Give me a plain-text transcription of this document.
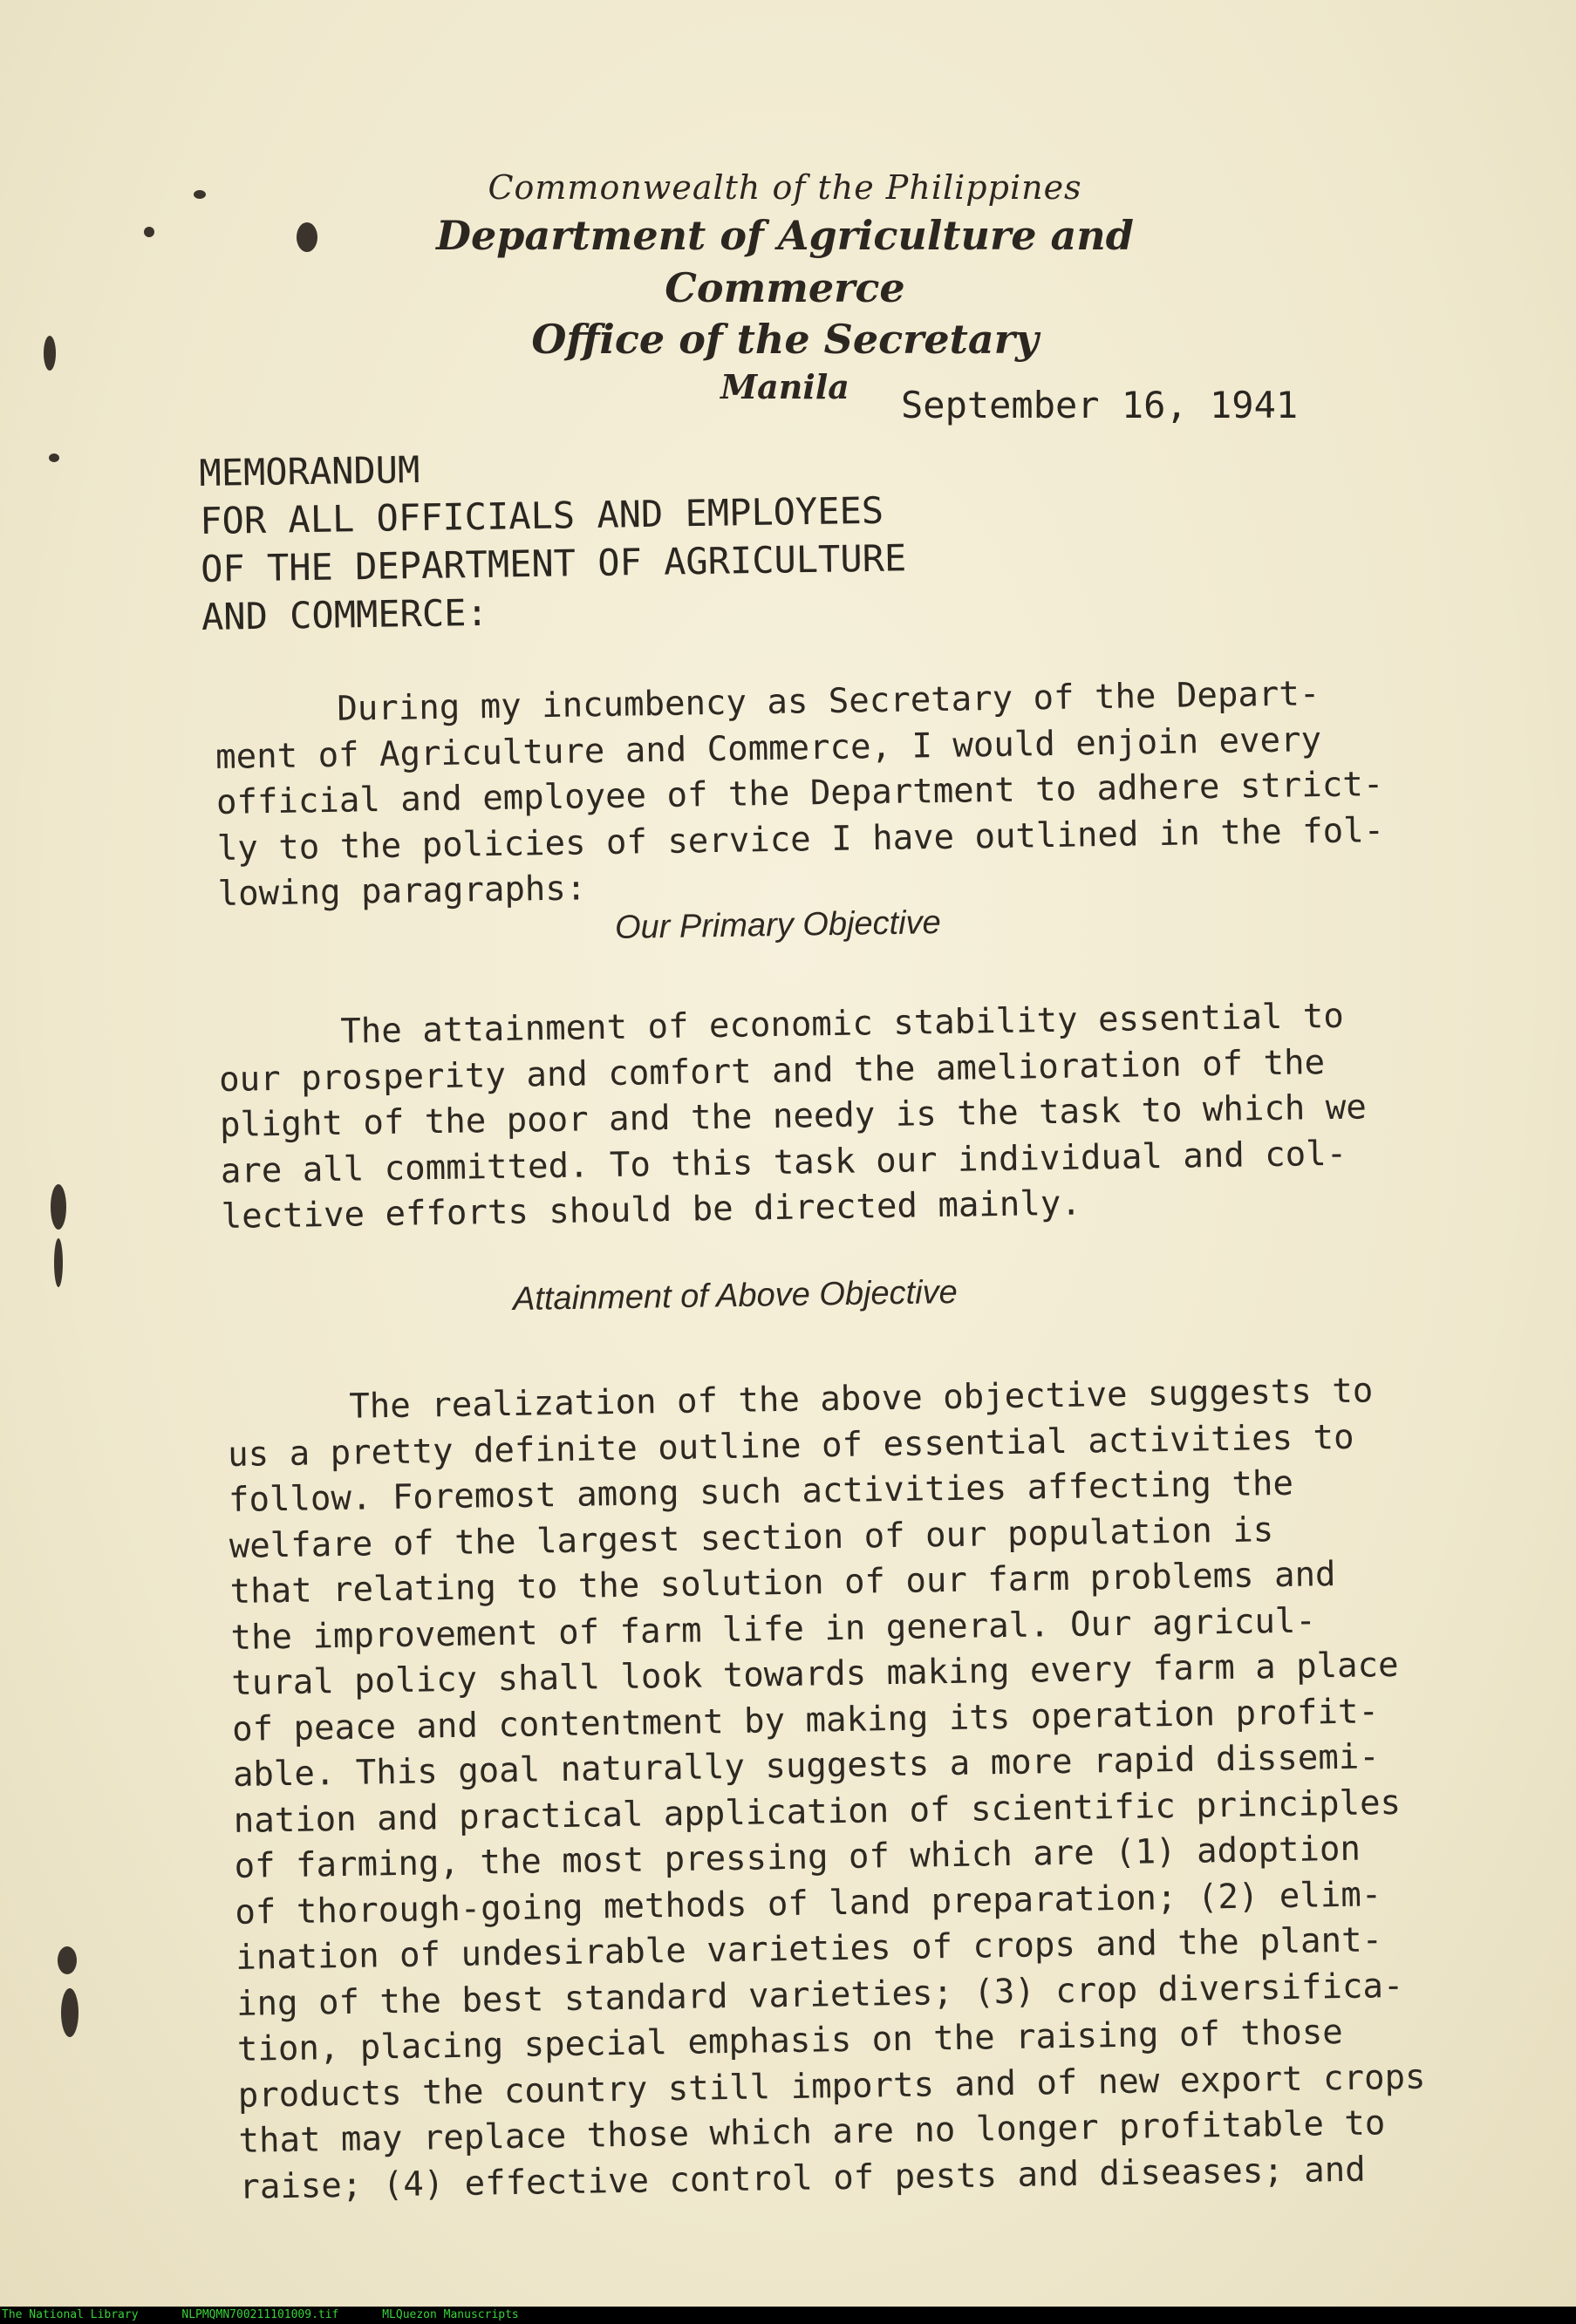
Commonwealth of the Philippines
Department of Agriculture and Commerce
Office of the Secretary
Manila	September 16, 1941
MEMORANDUM
FOR ALL OFFICIALS AND EMPLOYEES
OF THE DEPARTMENT OF AGRICULTURE
AND COMMERCE:
During my incumbency as Secretary of the Depart-
ment of Agriculture and Commerce, I would enjoin every
official and employee of the Department to adhere strict-
ly to the policies of service I have outlined in the fol-
lowing paragraphs:
Our Primary Objective
The attainment of economic stability essential to
our prosperity and comfort and the amelioration of the
plight of the poor and the needy is the task to which we
are all committed. To this task our individual and col-
lective efforts should be directed mainly.
Attainment of Above Objective
The realization of the above objective suggests to
us a pretty definite outline of essential activities to
follow. Foremost among such activities affecting the
welfare of the largest section of our population is
that relating to the solution of our farm problems and
the improvement of farm life in general. Our agricul-
tural policy shall look towards making every farm a place
of peace and contentment by making its operation profit-
able. This goal naturally suggests a more rapid dissemi-
nation and practical application of scientific principles
of farming, the most pressing of which are (1) adoption
of thorough-going methods of land preparation; (2) elim-
ination of undesirable varieties of crops and the plant-
ing of the best standard varieties; (3) crop diversifica-
tion, placing special emphasis on the raising of those
products the country still imports and of new export crops
that may replace those which are no longer profitable to
raise; (4) effective control of pests and diseases; and
The National Library	NLPMQMN700211101009.tif	MLQuezon Manuscripts
